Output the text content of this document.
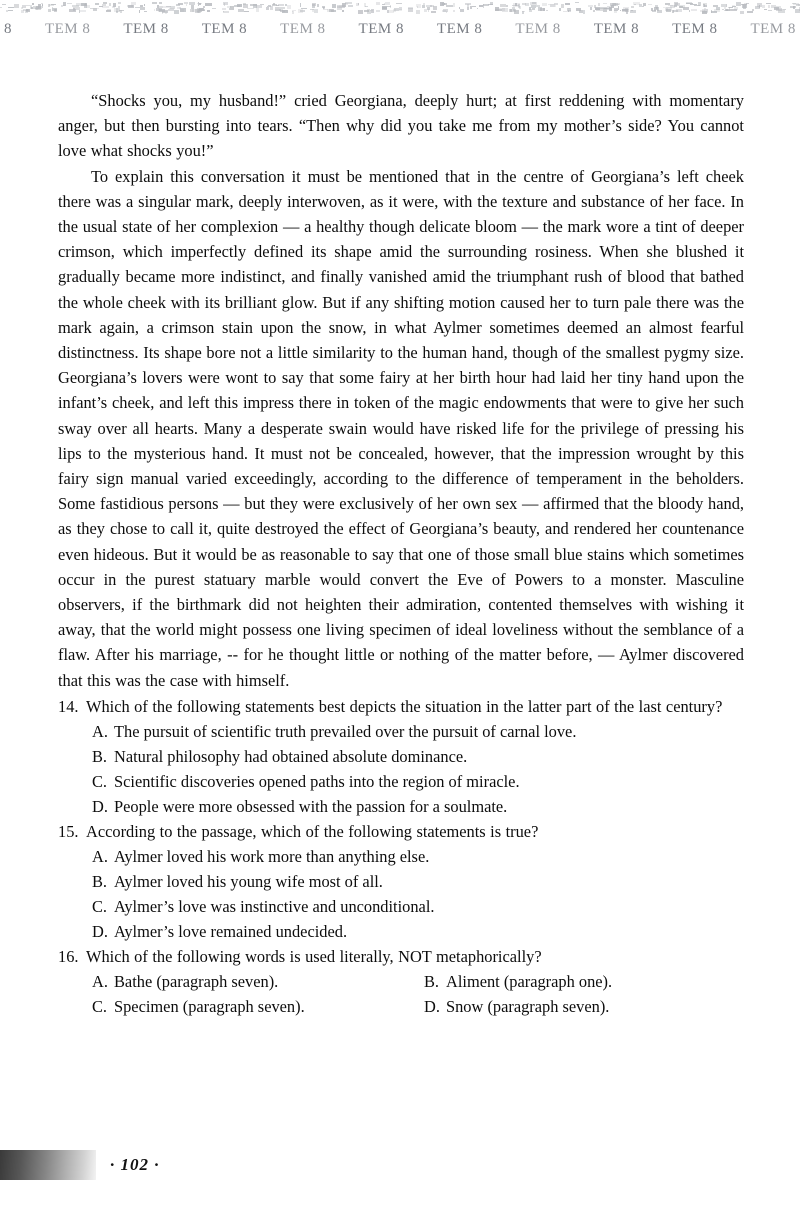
8 TEM 8 TEM 8 TEM 8 TEM 8 TEM 8 TEM 8 TEM 8 TEM 8 TEM 8 TEM 8

“Shocks you, my husband!” cried Georgiana, deeply hurt; at first reddening with momentary anger, but then bursting into tears. “Then why did you take me from my mother’s side? You cannot love what shocks you!”

To explain this conversation it must be mentioned that in the centre of Georgiana’s left cheek there was a singular mark, deeply interwoven, as it were, with the texture and substance of her face. In the usual state of her complexion — a healthy though delicate bloom — the mark wore a tint of deeper crimson, which imperfectly defined its shape amid the surrounding rosiness. When she blushed it gradually became more indistinct, and finally vanished amid the triumphant rush of blood that bathed the whole cheek with its brilliant glow. But if any shifting motion caused her to turn pale there was the mark again, a crimson stain upon the snow, in what Aylmer sometimes deemed an almost fearful distinctness. Its shape bore not a little similarity to the human hand, though of the smallest pygmy size. Georgiana’s lovers were wont to say that some fairy at her birth hour had laid her tiny hand upon the infant’s cheek, and left this impress there in token of the magic endowments that were to give her such sway over all hearts. Many a desperate swain would have risked life for the privilege of pressing his lips to the mysterious hand. It must not be concealed, however, that the impression wrought by this fairy sign manual varied exceedingly, according to the difference of temperament in the beholders. Some fastidious persons — but they were exclusively of her own sex — affirmed that the bloody hand, as they chose to call it, quite destroyed the effect of Georgiana’s beauty, and rendered her countenance even hideous. But it would be as reasonable to say that one of those small blue stains which sometimes occur in the purest statuary marble would convert the Eve of Powers to a monster. Masculine observers, if the birthmark did not heighten their admiration, contented themselves with wishing it away, that the world might possess one living specimen of ideal loveliness without the semblance of a flaw. After his marriage, -- for he thought little or nothing of the matter before, — Aylmer discovered that this was the case with himself.

14. Which of the following statements best depicts the situation in the latter part of the last century?
A. The pursuit of scientific truth prevailed over the pursuit of carnal love.
B. Natural philosophy had obtained absolute dominance.
C. Scientific discoveries opened paths into the region of miracle.
D. People were more obsessed with the passion for a soulmate.
15. According to the passage, which of the following statements is true?
A. Aylmer loved his work more than anything else.
B. Aylmer loved his young wife most of all.
C. Aylmer’s love was instinctive and unconditional.
D. Aylmer’s love remained undecided.
16. Which of the following words is used literally, NOT metaphorically?
A. Bathe (paragraph seven).	B. Aliment (paragraph one).
C. Specimen (paragraph seven).	D. Snow (paragraph seven).
· 102 ·
